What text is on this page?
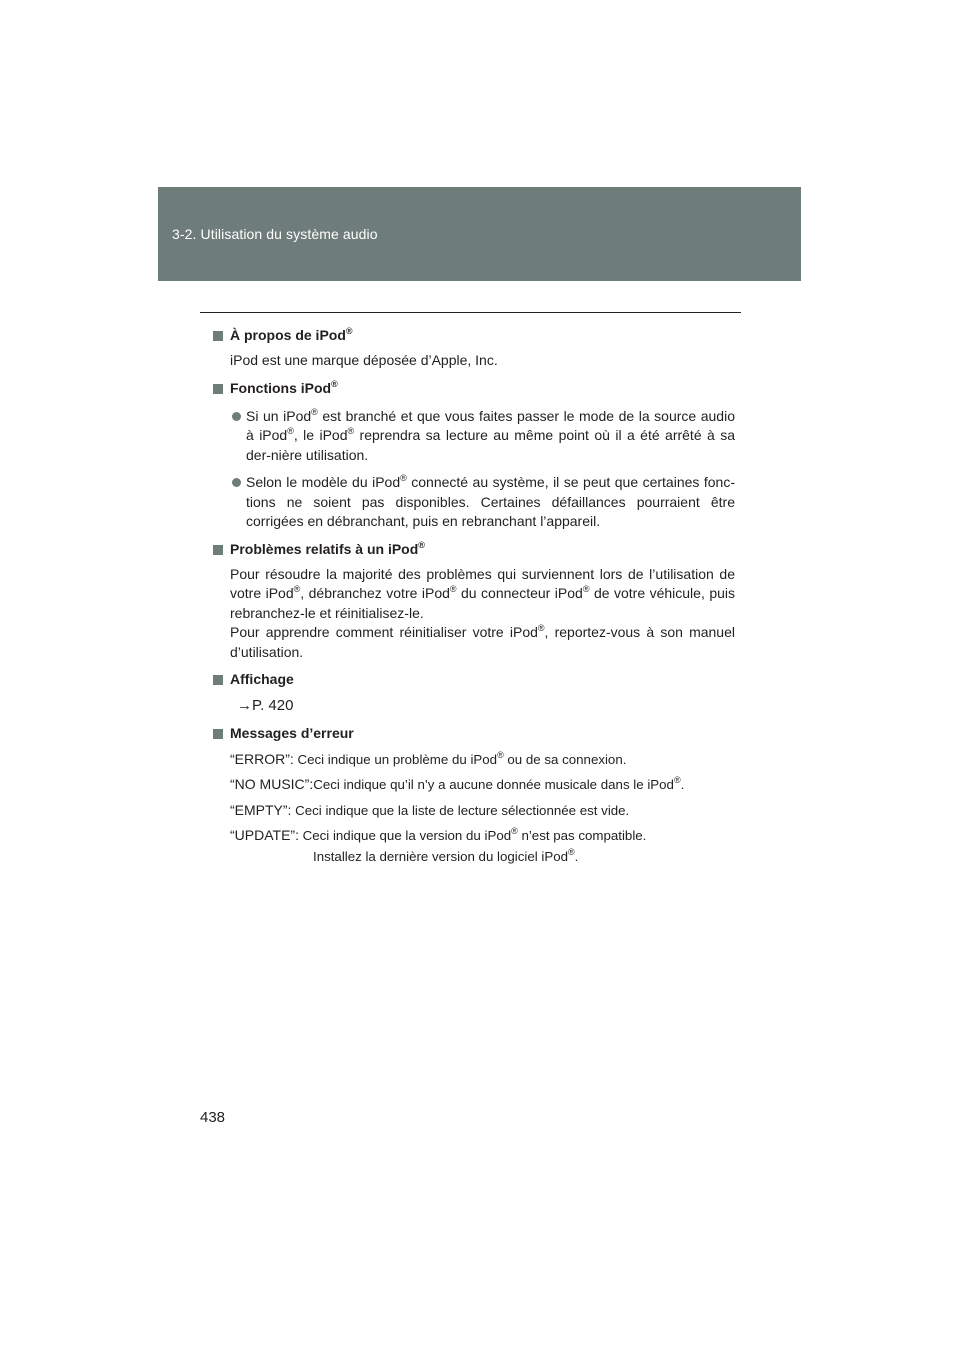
3-2. Utilisation du système audio
À propos de iPod®
iPod est une marque déposée d’Apple, Inc.
Fonctions iPod®
Si un iPod® est branché et que vous faites passer le mode de la source audio à iPod®, le iPod® reprendra sa lecture au même point où il a été arrêté à sa der-nière utilisation.
Selon le modèle du iPod® connecté au système, il se peut que certaines fonc-tions ne soient pas disponibles. Certaines défaillances pourraient être corrigées en débranchant, puis en rebranchant l’appareil.
Problèmes relatifs à un iPod®
Pour résoudre la majorité des problèmes qui surviennent lors de l’utilisation de votre iPod®, débranchez votre iPod® du connecteur iPod® de votre véhicule, puis rebranchez-le et réinitialisez-le.
Pour apprendre comment réinitialiser votre iPod®, reportez-vous à son manuel d’utilisation.
Affichage
→P. 420
Messages d’erreur
“ERROR”: Ceci indique un problème du iPod® ou de sa connexion.
“NO MUSIC”:Ceci indique qu’il n’y a aucune donnée musicale dans le iPod®.
“EMPTY”: Ceci indique que la liste de lecture sélectionnée est vide.
“UPDATE”: Ceci indique que la version du iPod® n’est pas compatible.
Installez la dernière version du logiciel iPod®.
438
